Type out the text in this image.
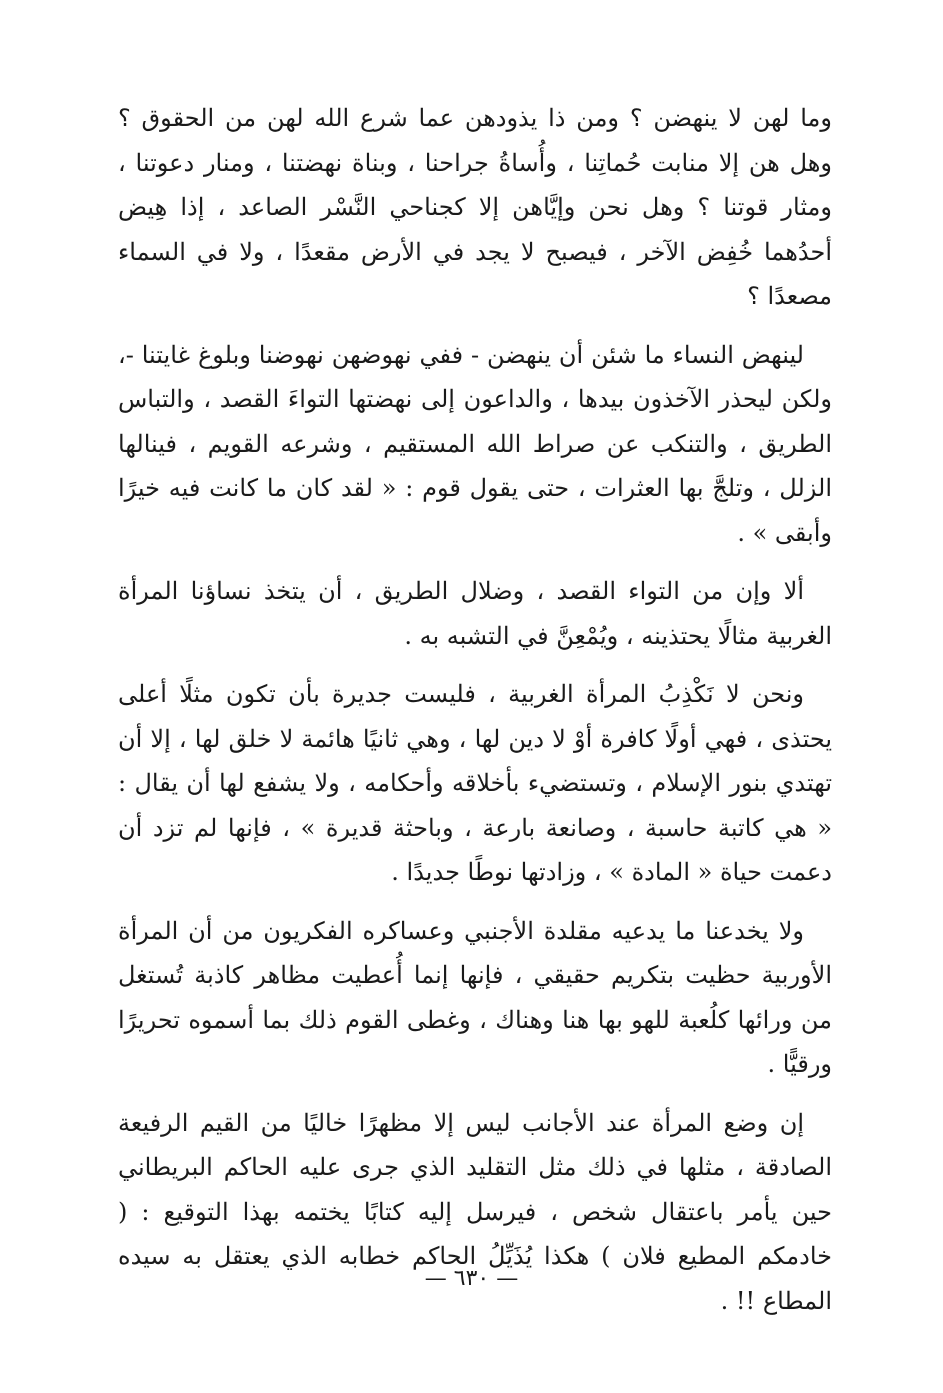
وما لهن لا ينهضن ؟ ومن ذا يذودهن عما شرع الله لهن من الحقوق ؟ وهل هن إلا منابت حُماتِنا ، وأُساةُ جراحنا ، وبناة نهضتنا ، ومنار دعوتنا ، ومثار قوتنا ؟ وهل نحن وإيَّاهن إلا كجناحي النَّسْر الصاعد ، إذا هِيض أحدُهما خُفِض الآخر ، فيصبح لا يجد في الأرض مقعدًا ، ولا في السماء مصعدًا ؟

لينهض النساء ما شئن أن ينهضن - ففي نهوضهن نهوضنا وبلوغ غايتنا -، ولكن ليحذر الآخذون بيدها ، والداعون إلى نهضتها التواءَ القصد ، والتباس الطريق ، والتنكب عن صراط الله المستقيم ، وشرعه القويم ، فينالها الزلل ، وتلجَّ بها العثرات ، حتى يقول قوم : « لقد كان ما كانت فيه خيرًا وأبقى » .

ألا وإن من التواء القصد ، وضلال الطريق ، أن يتخذ نساؤنا المرأة الغربية مثالًا يحتذينه ، ويُمْعِنَّ في التشبه به .

ونحن لا نَكْذِبُ المرأة الغربية ، فليست جديرة بأن تكون مثلًا أعلى يحتذى ، فهي أولًا كافرة أوْ لا دين لها ، وهي ثانيًا هائمة لا خلق لها ، إلا أن تهتدي بنور الإسلام ، وتستضيء بأخلاقه وأحكامه ، ولا يشفع لها أن يقال : « هي كاتبة حاسبة ، وصانعة بارعة ، وباحثة قديرة » ، فإنها لم تزد أن دعمت حياة « المادة » ، وزادتها نوطًا جديدًا .

ولا يخدعنا ما يدعيه مقلدة الأجنبي وعساكره الفكريون من أن المرأة الأوربية حظيت بتكريم حقيقي ، فإنها إنما أُعطيت مظاهر كاذبة تُستغل من ورائها كلُعبة للهو بها هنا وهناك ، وغطى القوم ذلك بما أسموه تحريرًا ورقيًّا .

إن وضع المرأة عند الأجانب ليس إلا مظهرًا خاليًا من القيم الرفيعة الصادقة ، مثلها في ذلك مثل التقليد الذي جرى عليه الحاكم البريطاني حين يأمر باعتقال شخص ، فيرسل إليه كتابًا يختمه بهذا التوقيع : ( خادمكم المطيع فلان ) هكذا يُذَيِّلُ الحاكم خطابه الذي يعتقل به سيده المطاع !! .

— ٦٣٠ —
